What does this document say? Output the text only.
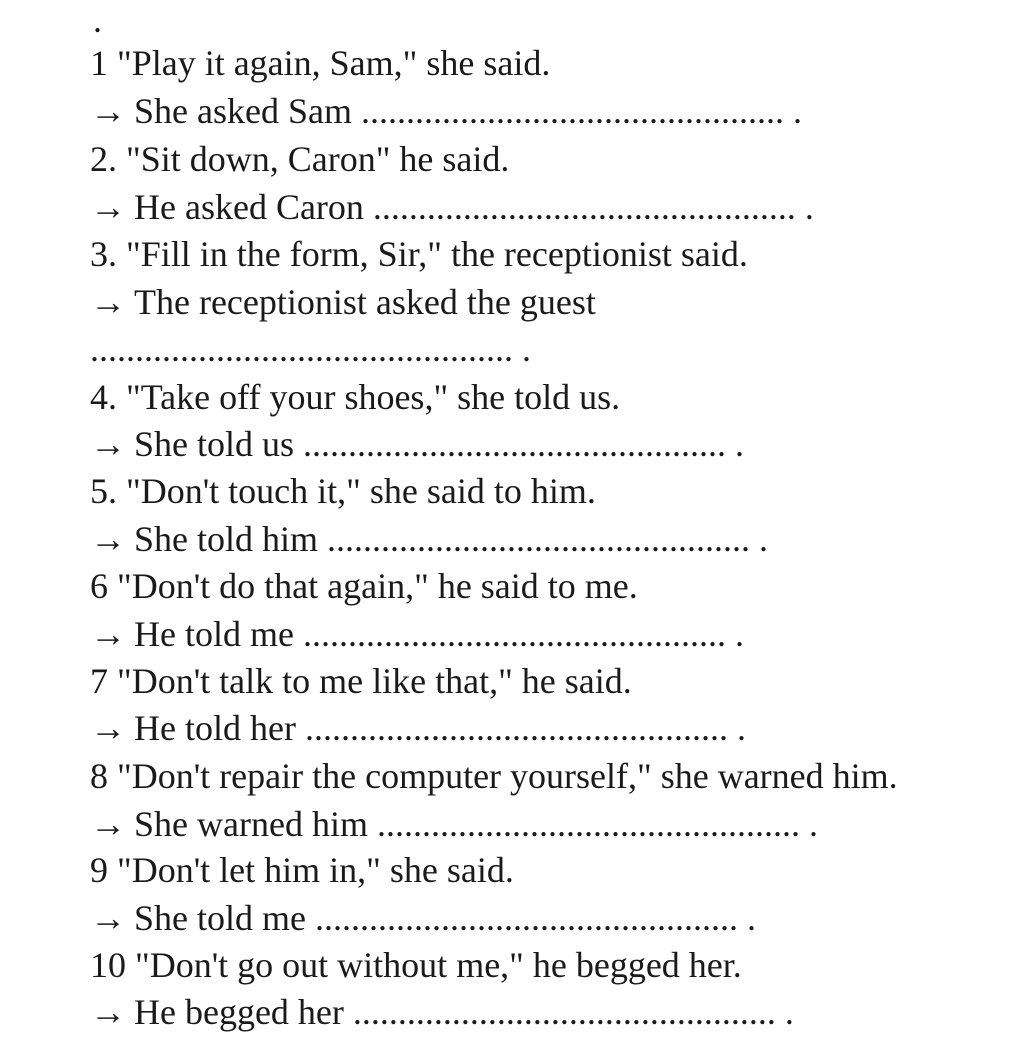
.
1 "Play it again, Sam," she said.
→ She asked Sam ............................................... .
2. "Sit down, Caron" he said.
→ He asked Caron ............................................... .
3. "Fill in the form, Sir," the receptionist said.
→ The receptionist asked the guest
............................................... .
4. "Take off your shoes," she told us.
→ She told us ............................................... .
5. "Don't touch it," she said to him.
→ She told him ............................................... .
6 "Don't do that again," he said to me.
→ He told me ............................................... .
7 "Don't talk to me like that," he said.
→ He told her ............................................... .
8 "Don't repair the computer yourself," she warned him.
→ She warned him ............................................... .
9 "Don't let him in," she said.
→ She told me ............................................... .
10 "Don't go out without me," he begged her.
→ He begged her ............................................... .
